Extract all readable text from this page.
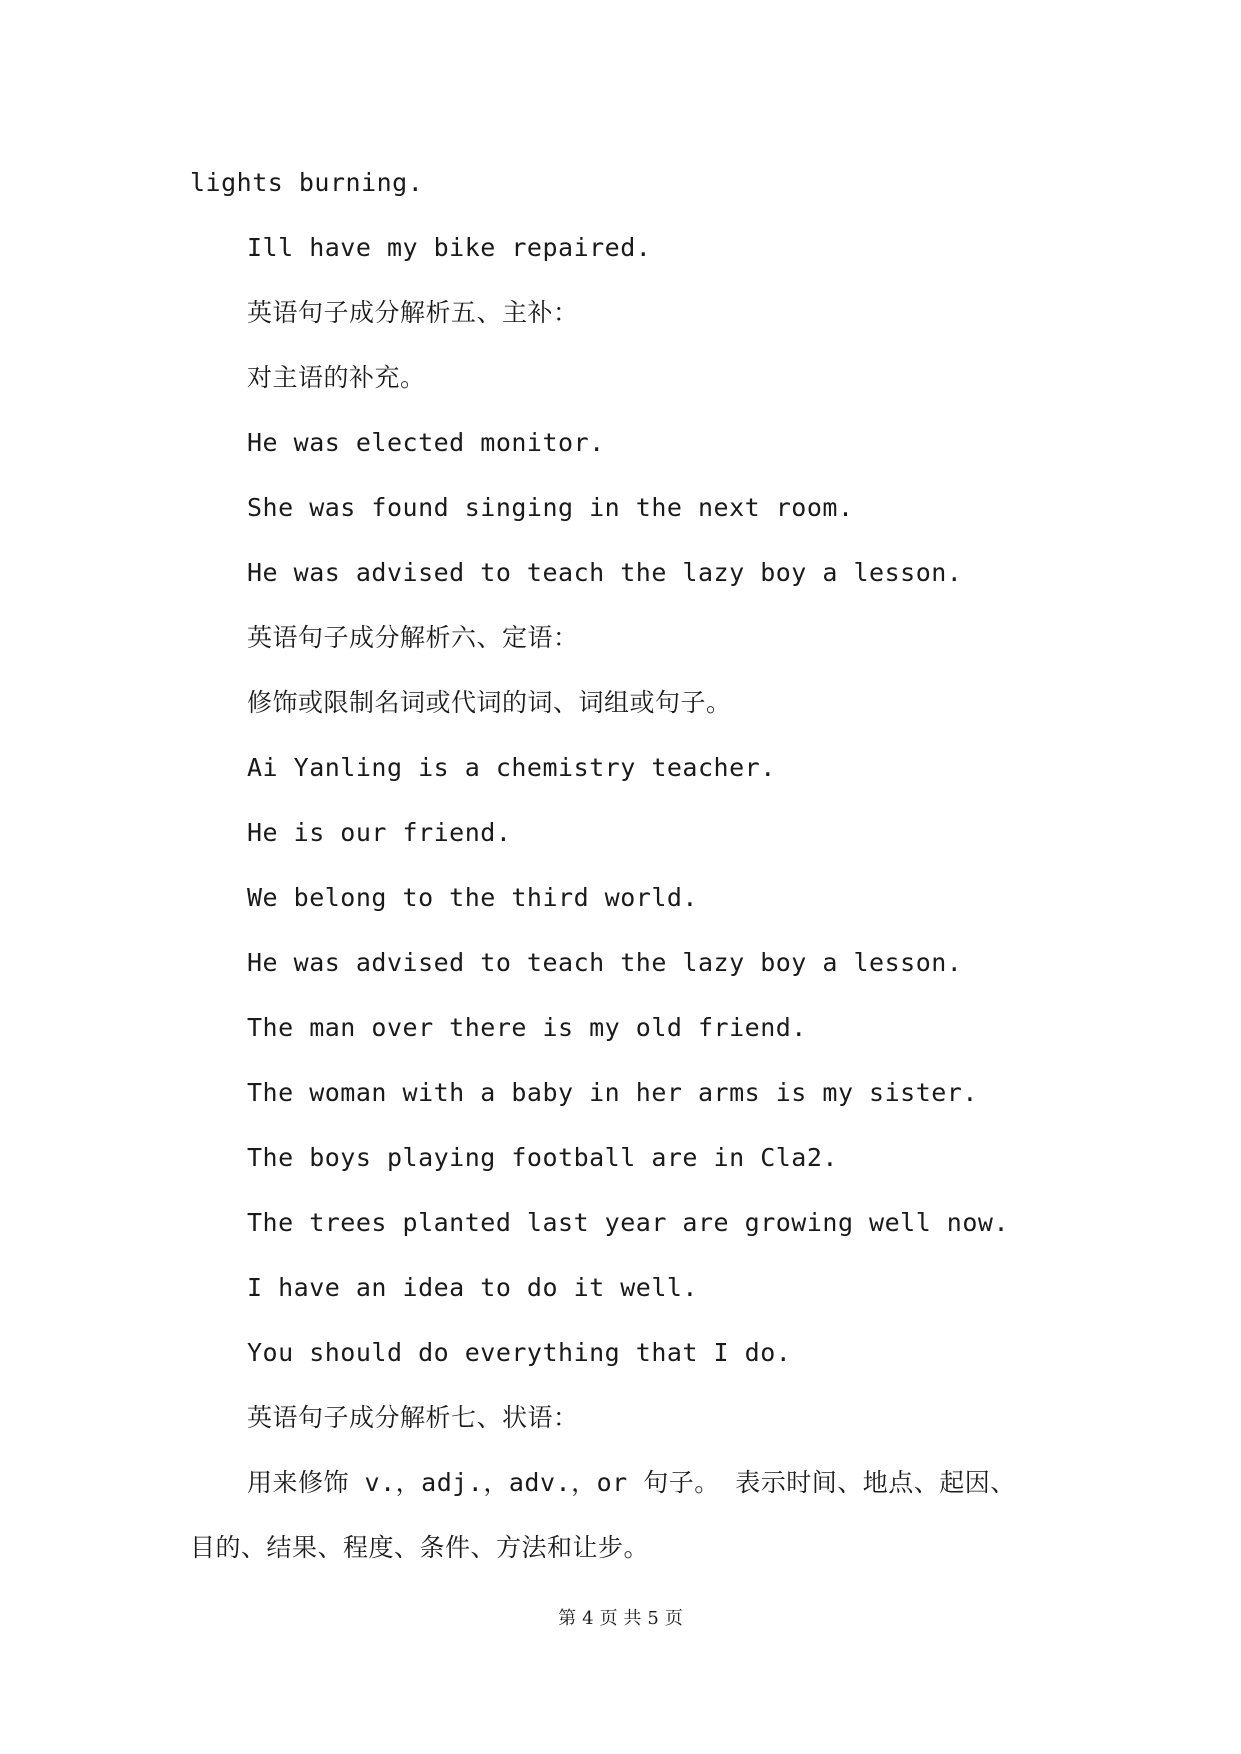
lights burning.
Ill have my bike repaired.
英语句子成分解析五、主补：
对主语的补充。
He was elected monitor.
She was found singing in the next room.
He was advised to teach the lazy boy a lesson.
英语句子成分解析六、定语：
修饰或限制名词或代词的词、词组或句子。
Ai Yanling is a chemistry teacher.
He is our friend.
We belong to the third world.
He was advised to teach the lazy boy a lesson.
The man over there is my old friend.
The woman with a baby in her arms is my sister.
The boys playing football are in Cla2.
The trees planted last year are growing well now.
I have an idea to do it well.
You should do everything that I do.
英语句子成分解析七、状语：
用来修饰 v.，adj.，adv.，or 句子。 表示时间、地点、起因、
目的、结果、程度、条件、方法和让步。
第 4 页 共 5 页
